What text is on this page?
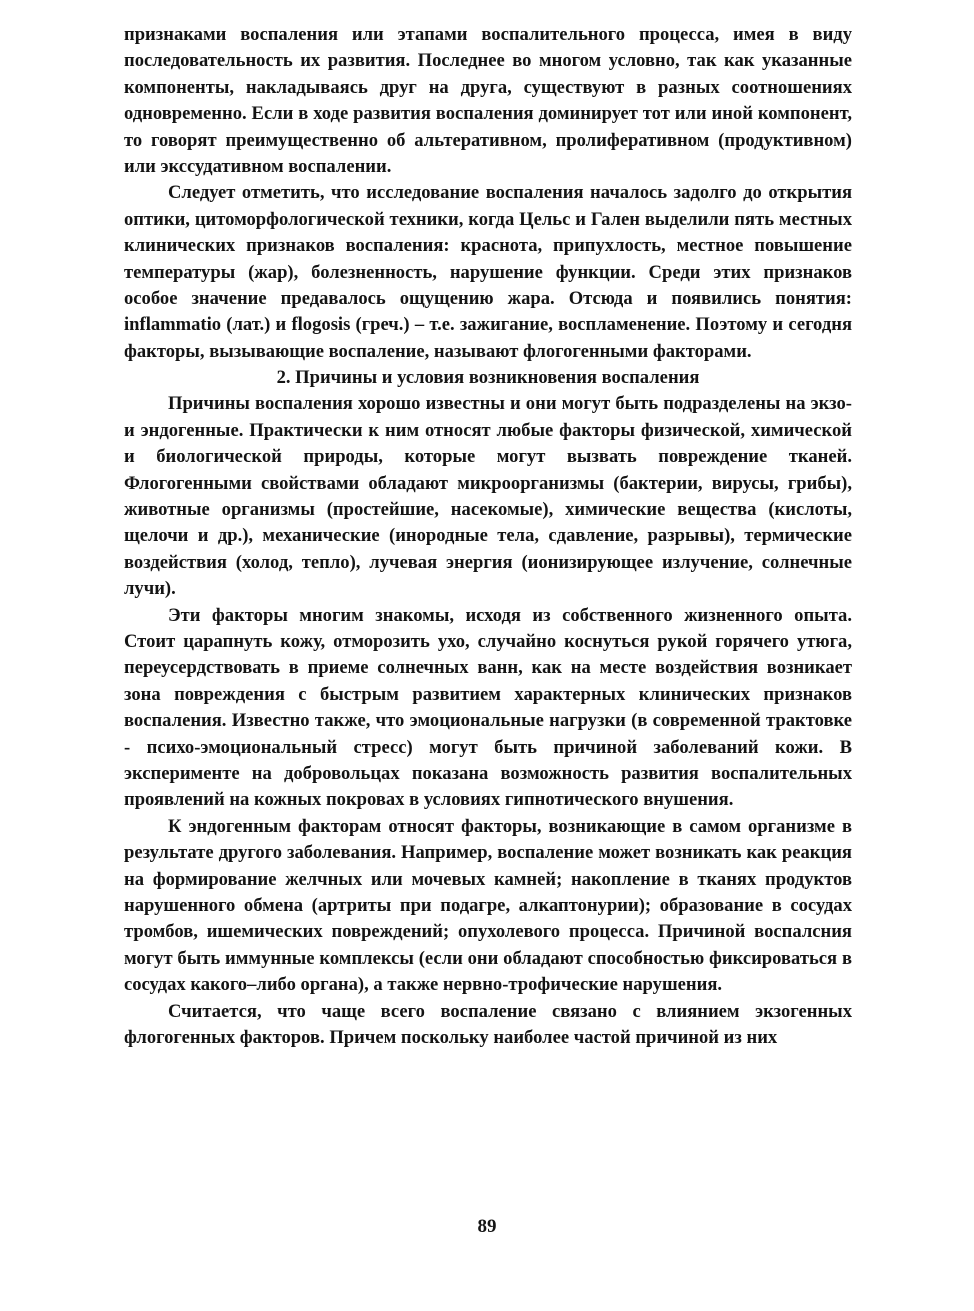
признаками воспаления или этапами воспалительного процесса, имея в виду последовательность их развития. Последнее во многом условно, так как указанные компоненты, накладываясь друг на друга, существуют в разных соотношениях одновременно. Если в ходе развития воспаления доминирует тот или иной компонент, то говорят преимущественно об альтеративном, пролиферативном (продуктивном) или экссудативном воспалении.

Следует отметить, что исследование воспаления началось задолго до открытия оптики, цитоморфологической техники, когда Цельс и Гален выделили пять местных клинических признаков воспаления: краснота, припухлость, местное повышение температуры (жар), болезненность, нарушение функции. Среди этих признаков особое значение предавалось ощущению жара. Отсюда и появились понятия: inflammatio (лат.) и flogosis (греч.) – т.е. зажигание, воспламенение. Поэтому и сегодня факторы, вызывающие воспаление, называют флогогенными факторами.

2. Причины и условия возникновения воспаления

Причины воспаления хорошо известны и они могут быть подразделены на экзо- и эндогенные. Практически к ним относят любые факторы физической, химической и биологической природы, которые могут вызвать повреждение тканей. Флогогенными свойствами обладают микроорганизмы (бактерии, вирусы, грибы), животные организмы (простейшие, насекомые), химические вещества (кислоты, щелочи и др.), механические (инородные тела, сдавление, разрывы), термические воздействия (холод, тепло), лучевая энергия (ионизирующее излучение, солнечные лучи).

Эти факторы многим знакомы, исходя из собственного жизненного опыта. Стоит царапнуть кожу, отморозить ухо, случайно коснуться рукой горячего утюга, переусердствовать в приеме солнечных ванн, как на месте воздействия возникает зона повреждения с быстрым развитием характерных клинических признаков воспаления. Известно также, что эмоциональные нагрузки (в современной трактовке - психо-эмоциональный стресс) могут быть причиной заболеваний кожи. В эксперименте на добровольцах показана возможность развития воспалительных проявлений на кожных покровах в условиях гипнотического внушения.

К эндогенным факторам относят факторы, возникающие в самом организме в результате другого заболевания. Например, воспаление может возникать как реакция на формирование желчных или мочевых камней; накопление в тканях продуктов нарушенного обмена (артриты при подагре, алкаптонурии); образование в сосудах тромбов, ишемических повреждений; опухолевого процесса. Причиной воспалсния могут быть иммунные комплексы (если они обладают способностью фиксироваться в сосудах какого–либо органа), а также нервно-трофические нарушения.

Считается, что чаще всего воспаление связано с влиянием экзогенных флогогенных факторов. Причем поскольку наиболее частой причиной из них

89
